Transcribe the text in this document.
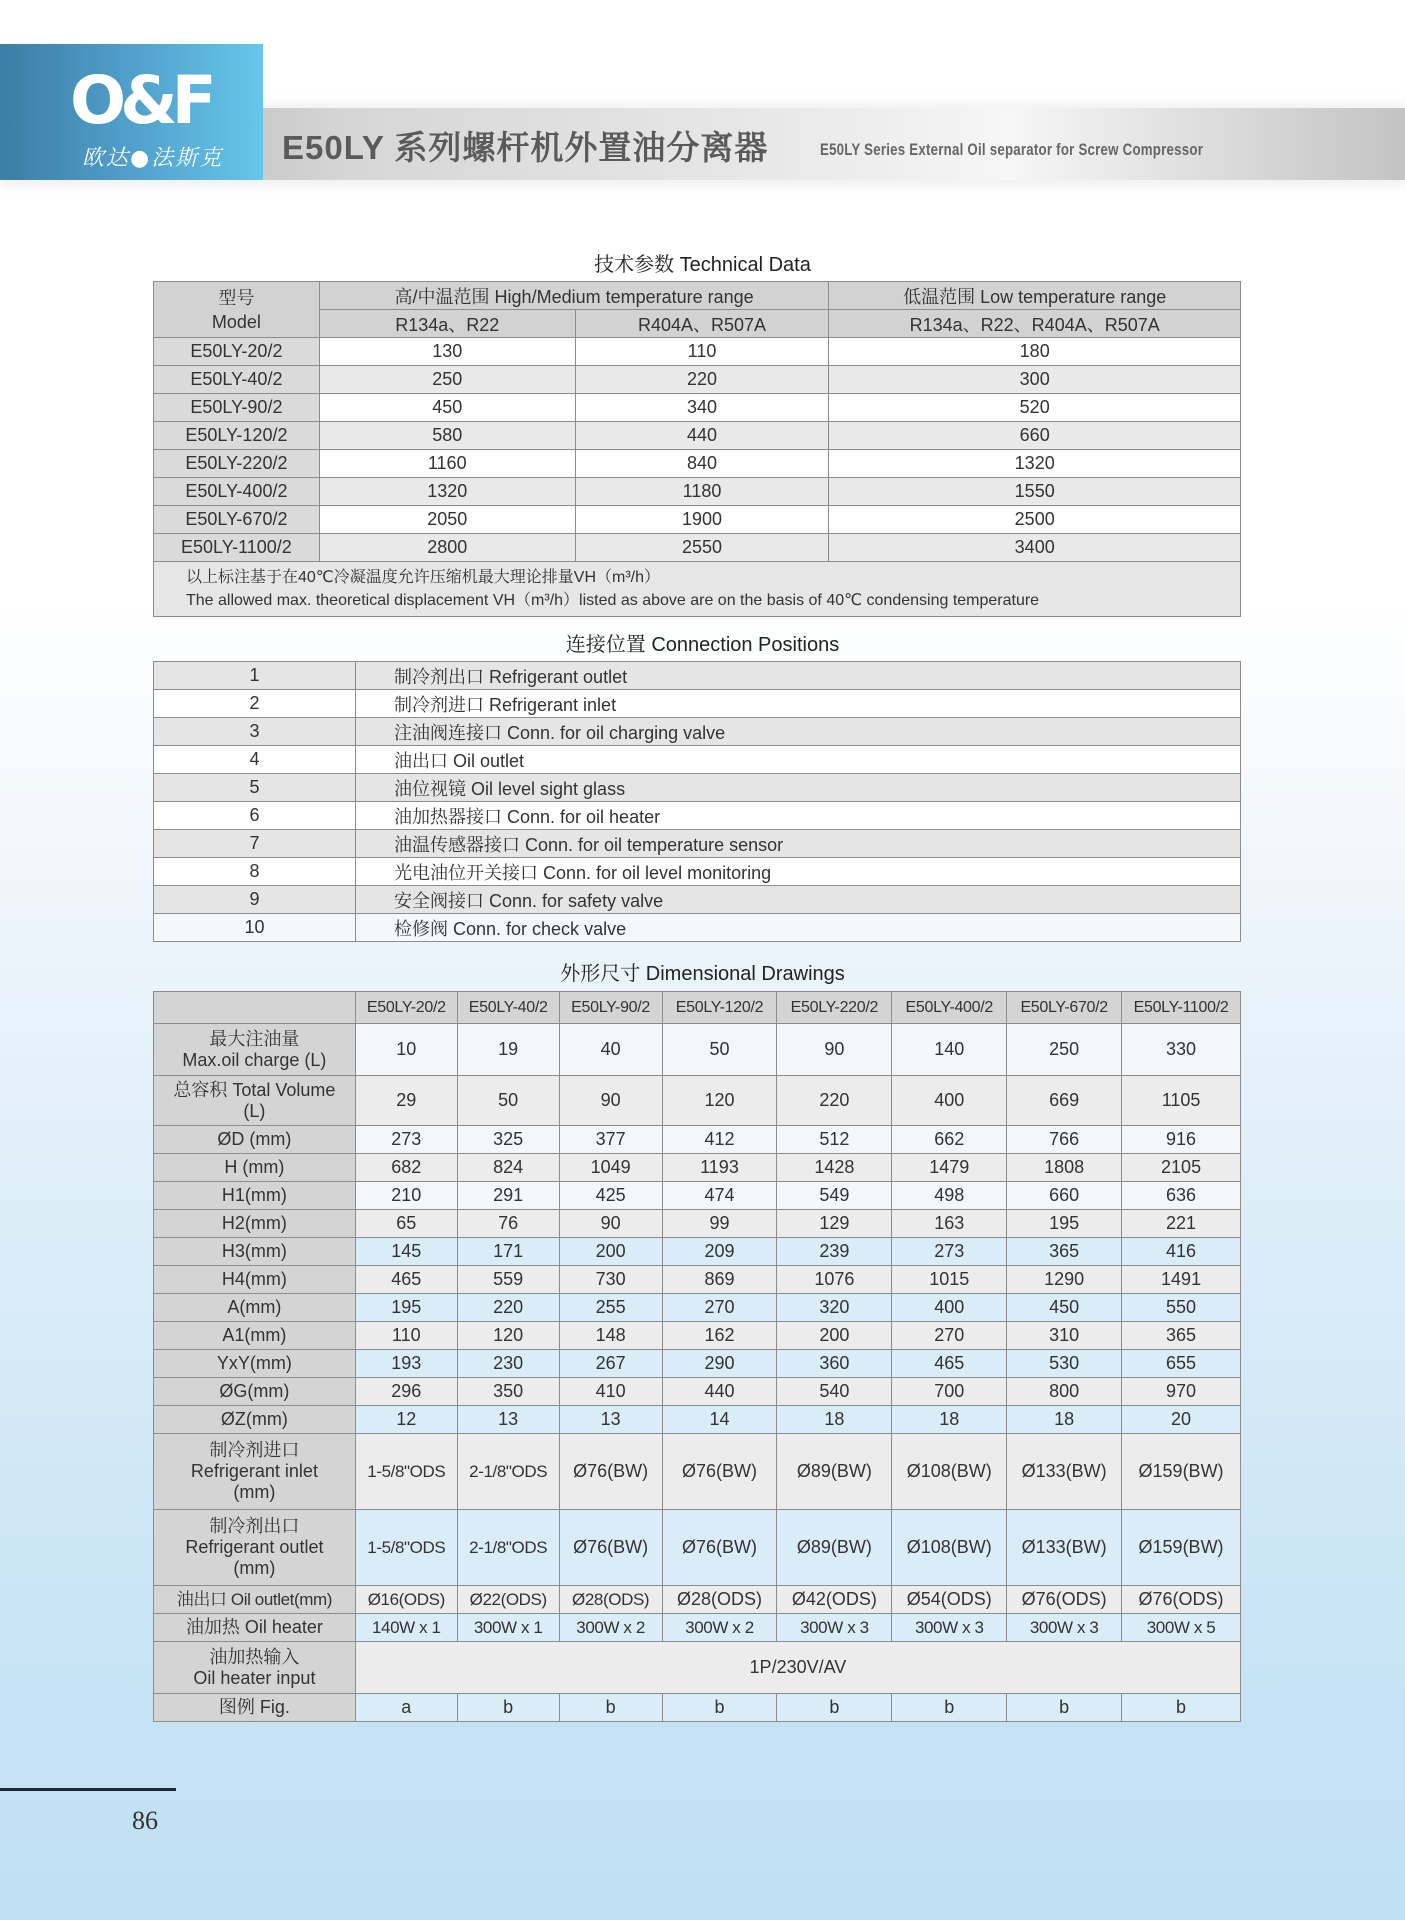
O&F
欧达●法斯克 E50LY 系列螺杆机外置油分离器	E50LY Series External Oil separator for Screw Compressor
技术参数 Technical Data
型号
Model	高/中温范围 High/Medium temperature range		低温范围 Low temperature range
	R134a、R22	R404A、R507A	R134a、R22、R404A、R507A
E50LY-20/2	130	110	180
E50LY-40/2	250	220	300
E50LY-90/2	450	340	520
E50LY-120/2	580	440	660
E50LY-220/2	1160	840	1320
E50LY-400/2	1320	1180	1550
E50LY-670/2	2050	1900	2500
E50LY-1100/2	2800	2550	3400

以上标注基于在40℃冷凝温度允许压缩机最大理论排量VH（m³/h）
The allowed max. theoretical displacement VH（m³/h）listed as above are on the basis of 40℃ condensing temperature			
连接位置 Connection Positions
1	制冷剂出口 Refrigerant outlet
2	制冷剂进口 Refrigerant inlet
3	注油阀连接口 Conn. for oil charging valve
4	油出口 Oil outlet
5	油位视镜 Oil level sight glass
6	油加热器接口 Conn. for oil heater
7	油温传感器接口 Conn. for oil temperature sensor
8	光电油位开关接口 Conn. for oil level monitoring
9	安全阀接口 Conn. for safety valve
10	检修阀 Conn. for check valve
外形尺寸 Dimensional Drawings
	E50LY-20/2	E50LY-40/2	E50LY-90/2	E50LY-120/2	E50LY-220/2	E50LY-400/2	E50LY-670/2	E50LY-1100/2

最大注油量
Max.oil charge (L)	10	19	40	50	90	140	250	330

总容积 Total Volume
(L)	29	50	90	120	220	400	669	1105
ØD (mm)	273	325	377	412	512	662	766	916
H (mm)	682	824	1049	1193	1428	1479	1808	2105
H1(mm)	210	291	425	474	549	498	660	636
H2(mm)	65	76	90	99	129	163	195	221
H3(mm)	145	171	200	209	239	273	365	416
H4(mm)	465	559	730	869	1076	1015	1290	1491
A(mm)	195	220	255	270	320	400	450	550
A1(mm)	110	120	148	162	200	270	310	365
YxY(mm)	193	230	267	290	360	465	530	655
ØG(mm)	296	350	410	440	540	700	800	970
ØZ(mm)	12	13	13	14	18	18	18	20

制冷剂进口
Refrigerant inlet
(mm)	1-5/8"ODS	2-1/8"ODS	Ø76(BW)	Ø76(BW)	Ø89(BW)	Ø108(BW)	Ø133(BW)	Ø159(BW)

制冷剂出口
Refrigerant outlet
(mm)	1-5/8"ODS	2-1/8"ODS	Ø76(BW)	Ø76(BW)	Ø89(BW)	Ø108(BW)	Ø133(BW)	Ø159(BW)
油出口 Oil outlet(mm)	Ø16(ODS)	Ø22(ODS)	Ø28(ODS)	Ø28(ODS)	Ø42(ODS)	Ø54(ODS)	Ø76(ODS)	Ø76(ODS)
油加热 Oil heater	140W x 1	300W x 1	300W x 2	300W x 2	300W x 3	300W x 3	300W x 3	300W x 5

油加热输入
Oil heater input	1P/230V/AV							
图例 Fig.	a	b	b	b	b	b	b	b
86
